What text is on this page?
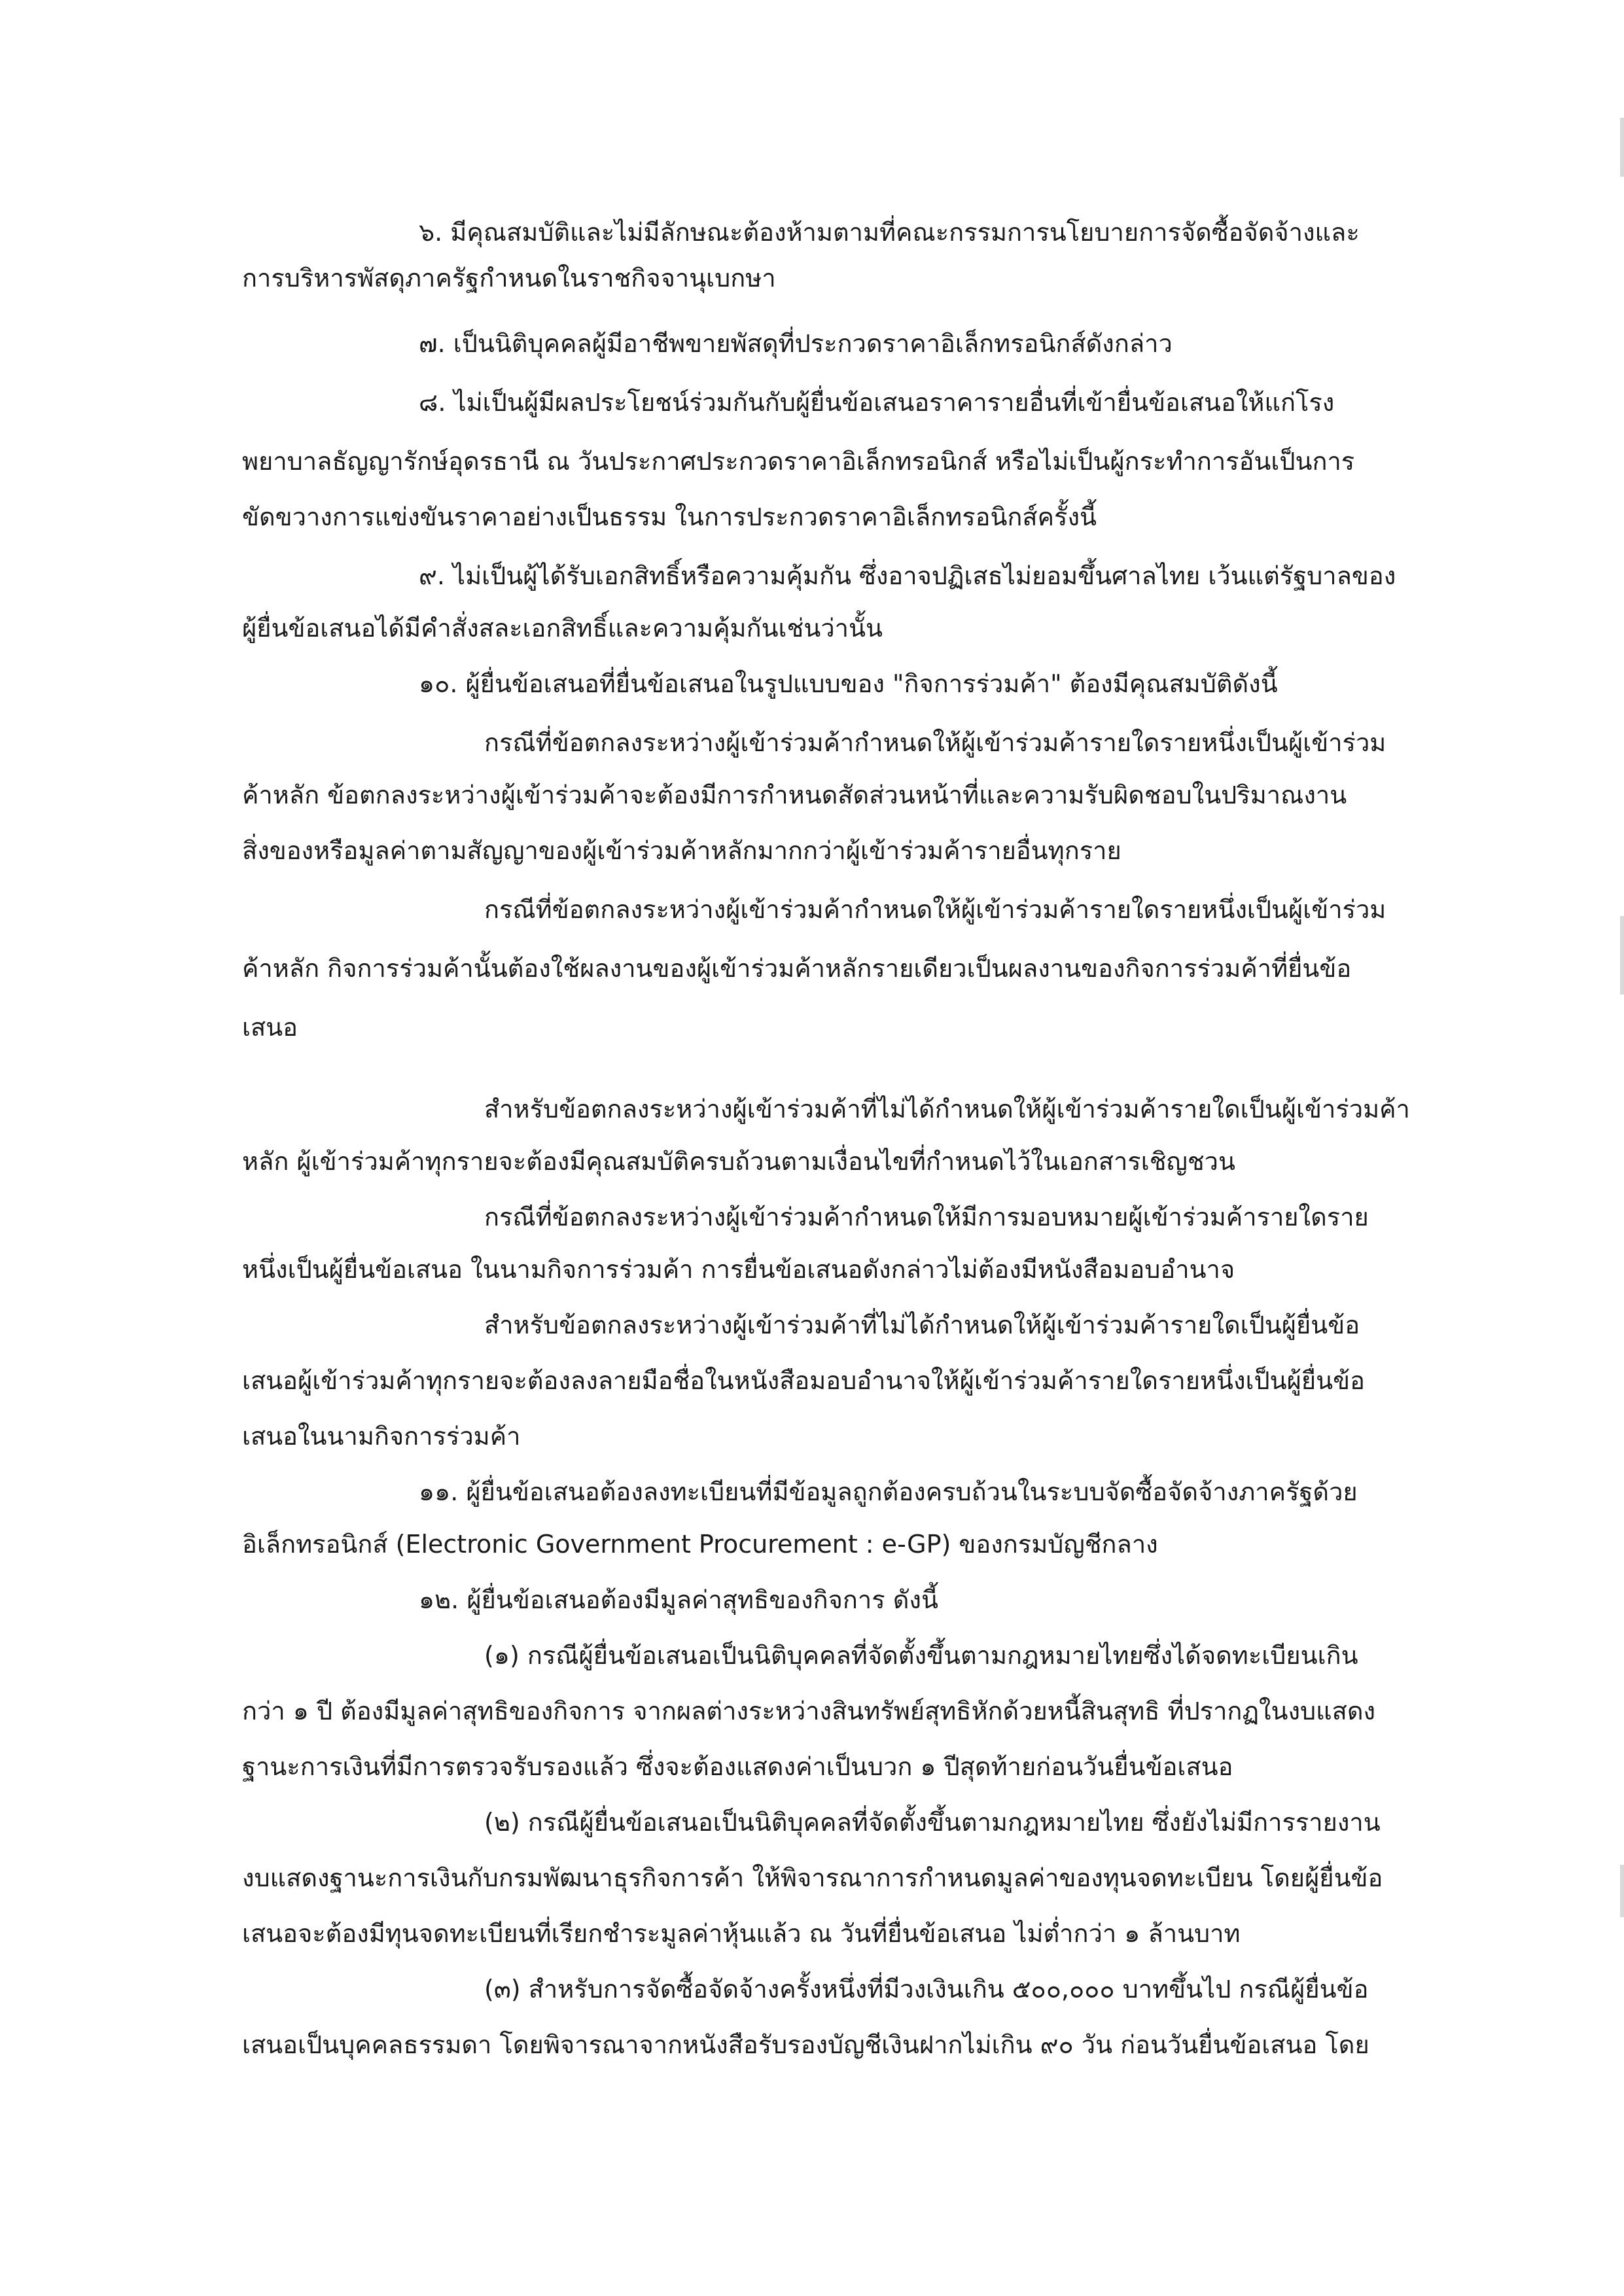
๖. มีคุณสมบัติและไม่มีลักษณะต้องห้ามตามที่คณะกรรมการนโยบายการจัดซื้อจัดจ้างและ
การบริหารพัสดุภาครัฐกำหนดในราชกิจจานุเบกษา
๗. เป็นนิติบุคคลผู้มีอาชีพขายพัสดุที่ประกวดราคาอิเล็กทรอนิกส์ดังกล่าว
๘. ไม่เป็นผู้มีผลประโยชน์ร่วมกันกับผู้ยื่นข้อเสนอราคารายอื่นที่เข้ายื่นข้อเสนอให้แก่โรง
พยาบาลธัญญารักษ์อุดรธานี ณ วันประกาศประกวดราคาอิเล็กทรอนิกส์ หรือไม่เป็นผู้กระทำการอันเป็นการ
ขัดขวางการแข่งขันราคาอย่างเป็นธรรม ในการประกวดราคาอิเล็กทรอนิกส์ครั้งนี้
๙. ไม่เป็นผู้ได้รับเอกสิทธิ์หรือความคุ้มกัน ซึ่งอาจปฏิเสธไม่ยอมขึ้นศาลไทย เว้นแต่รัฐบาลของ
ผู้ยื่นข้อเสนอได้มีคำสั่งสละเอกสิทธิ์และความคุ้มกันเช่นว่านั้น
๑๐. ผู้ยื่นข้อเสนอที่ยื่นข้อเสนอในรูปแบบของ "กิจการร่วมค้า" ต้องมีคุณสมบัติดังนี้
กรณีที่ข้อตกลงระหว่างผู้เข้าร่วมค้ากำหนดให้ผู้เข้าร่วมค้ารายใดรายหนึ่งเป็นผู้เข้าร่วม
ค้าหลัก ข้อตกลงระหว่างผู้เข้าร่วมค้าจะต้องมีการกำหนดสัดส่วนหน้าที่และความรับผิดชอบในปริมาณงาน
สิ่งของหรือมูลค่าตามสัญญาของผู้เข้าร่วมค้าหลักมากกว่าผู้เข้าร่วมค้ารายอื่นทุกราย
กรณีที่ข้อตกลงระหว่างผู้เข้าร่วมค้ากำหนดให้ผู้เข้าร่วมค้ารายใดรายหนึ่งเป็นผู้เข้าร่วม
ค้าหลัก กิจการร่วมค้านั้นต้องใช้ผลงานของผู้เข้าร่วมค้าหลักรายเดียวเป็นผลงานของกิจการร่วมค้าที่ยื่นข้อ
เสนอ
สำหรับข้อตกลงระหว่างผู้เข้าร่วมค้าที่ไม่ได้กำหนดให้ผู้เข้าร่วมค้ารายใดเป็นผู้เข้าร่วมค้า
หลัก ผู้เข้าร่วมค้าทุกรายจะต้องมีคุณสมบัติครบถ้วนตามเงื่อนไขที่กำหนดไว้ในเอกสารเชิญชวน
กรณีที่ข้อตกลงระหว่างผู้เข้าร่วมค้ากำหนดให้มีการมอบหมายผู้เข้าร่วมค้ารายใดราย
หนึ่งเป็นผู้ยื่นข้อเสนอ ในนามกิจการร่วมค้า การยื่นข้อเสนอดังกล่าวไม่ต้องมีหนังสือมอบอำนาจ
สำหรับข้อตกลงระหว่างผู้เข้าร่วมค้าที่ไม่ได้กำหนดให้ผู้เข้าร่วมค้ารายใดเป็นผู้ยื่นข้อ
เสนอผู้เข้าร่วมค้าทุกรายจะต้องลงลายมือชื่อในหนังสือมอบอำนาจให้ผู้เข้าร่วมค้ารายใดรายหนึ่งเป็นผู้ยื่นข้อ
เสนอในนามกิจการร่วมค้า
๑๑. ผู้ยื่นข้อเสนอต้องลงทะเบียนที่มีข้อมูลถูกต้องครบถ้วนในระบบจัดซื้อจัดจ้างภาครัฐด้วย
อิเล็กทรอนิกส์ (Electronic Government Procurement : e-GP) ของกรมบัญชีกลาง
๑๒. ผู้ยื่นข้อเสนอต้องมีมูลค่าสุทธิของกิจการ ดังนี้
(๑) กรณีผู้ยื่นข้อเสนอเป็นนิติบุคคลที่จัดตั้งขึ้นตามกฎหมายไทยซึ่งได้จดทะเบียนเกิน
กว่า ๑ ปี ต้องมีมูลค่าสุทธิของกิจการ จากผลต่างระหว่างสินทรัพย์สุทธิหักด้วยหนี้สินสุทธิ ที่ปรากฏในงบแสดง
ฐานะการเงินที่มีการตรวจรับรองแล้ว ซึ่งจะต้องแสดงค่าเป็นบวก ๑ ปีสุดท้ายก่อนวันยื่นข้อเสนอ
(๒) กรณีผู้ยื่นข้อเสนอเป็นนิติบุคคลที่จัดตั้งขึ้นตามกฎหมายไทย ซึ่งยังไม่มีการรายงาน
งบแสดงฐานะการเงินกับกรมพัฒนาธุรกิจการค้า ให้พิจารณาการกำหนดมูลค่าของทุนจดทะเบียน โดยผู้ยื่นข้อ
เสนอจะต้องมีทุนจดทะเบียนที่เรียกชำระมูลค่าหุ้นแล้ว ณ วันที่ยื่นข้อเสนอ ไม่ต่ำกว่า ๑ ล้านบาท
(๓) สำหรับการจัดซื้อจัดจ้างครั้งหนึ่งที่มีวงเงินเกิน ๕๐๐,๐๐๐ บาทขึ้นไป กรณีผู้ยื่นข้อ
เสนอเป็นบุคคลธรรมดา โดยพิจารณาจากหนังสือรับรองบัญชีเงินฝากไม่เกิน ๙๐ วัน ก่อนวันยื่นข้อเสนอ โดย
